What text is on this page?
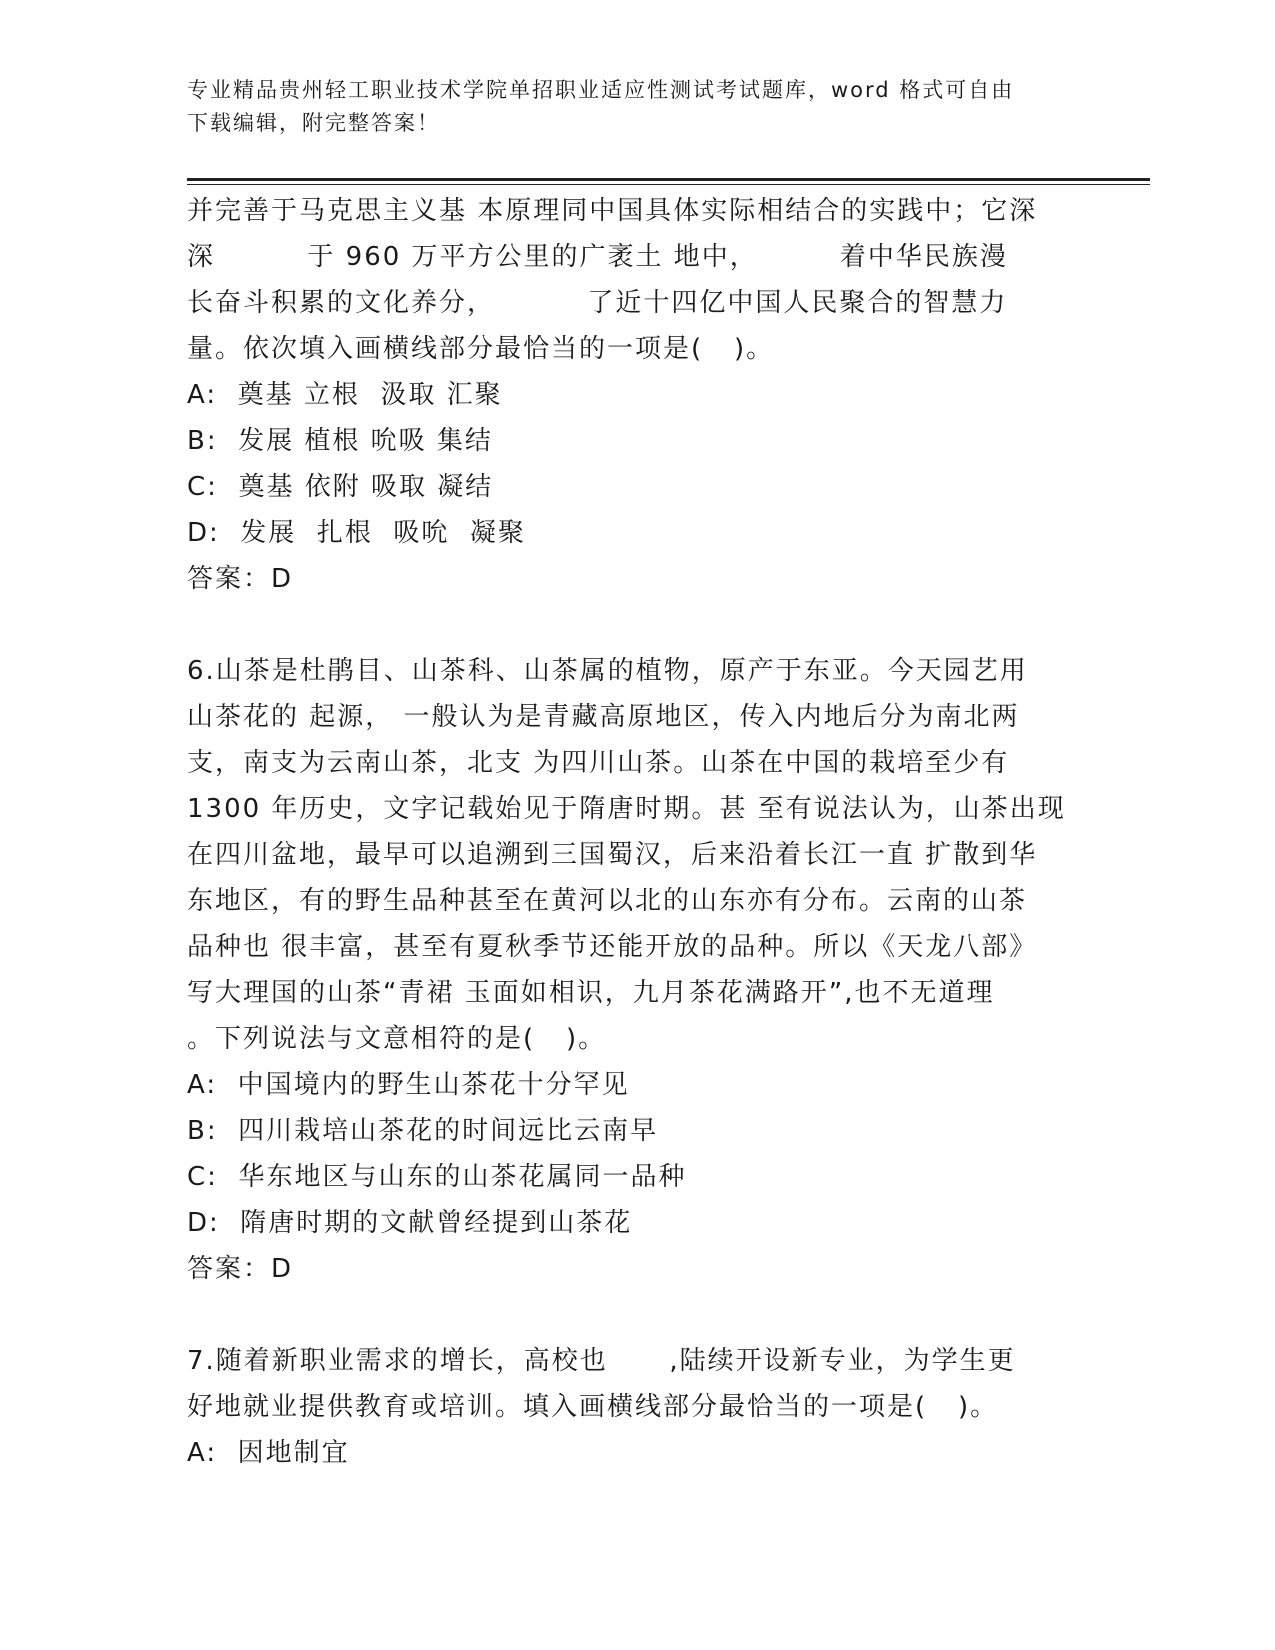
专业精品贵州轻工职业技术学院单招职业适应性测试考试题库，word 格式可自由
下载编辑，附完整答案！
并完善于马克思主义基 本原理同中国具体实际相结合的实践中；它深
深         于 960 万平方公里的广袤土 地中，        着中华民族漫
长奋斗积累的文化养分，         了近十四亿中国人民聚合的智慧力
量。依次填入画横线部分最恰当的一项是(   )。
A:  奠基 立根  汲取 汇聚
B:  发展 植根 吮吸 集结
C:  奠基 依附 吸取 凝结
D:  发展  扎根  吸吮  凝聚
答案：D
6.山茶是杜鹃目、山茶科、山茶属的植物，原产于东亚。今天园艺用
山茶花的 起源， 一般认为是青藏高原地区，传入内地后分为南北两
支，南支为云南山茶，北支 为四川山茶。山茶在中国的栽培至少有
1300 年历史，文字记载始见于隋唐时期。甚 至有说法认为，山茶出现
在四川盆地，最早可以追溯到三国蜀汉，后来沿着长江一直 扩散到华
东地区，有的野生品种甚至在黄河以北的山东亦有分布。云南的山茶
品种也 很丰富，甚至有夏秋季节还能开放的品种。所以《天龙八部》
写大理国的山茶“青裙 玉面如相识，九月茶花满路开”,也不无道理
。下列说法与文意相符的是(   )。
A:  中国境内的野生山茶花十分罕见
B:  四川栽培山茶花的时间远比云南早
C:  华东地区与山东的山茶花属同一品种
D:  隋唐时期的文献曾经提到山茶花
答案：D
7.随着新职业需求的增长，高校也      ,陆续开设新专业，为学生更
好地就业提供教育或培训。填入画横线部分最恰当的一项是(   )。
A:  因地制宜
